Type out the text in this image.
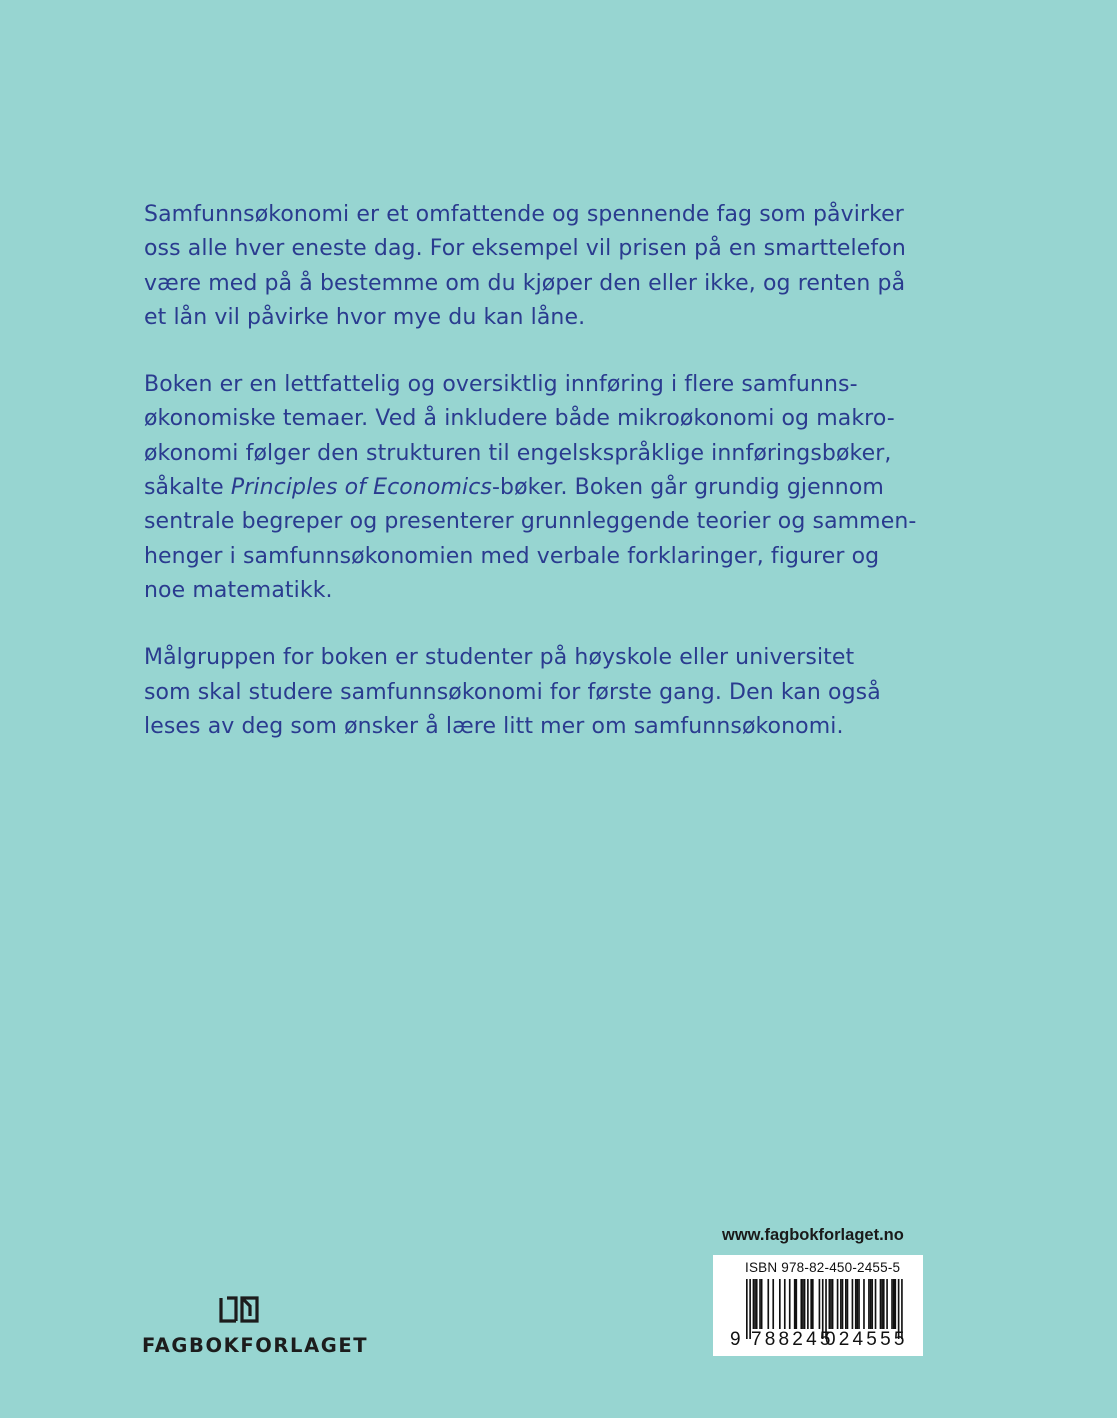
Samfunnsøkonomi er et omfattende og spennende fag som påvirker
oss alle hver eneste dag. For eksempel vil prisen på en smarttelefon
være med på å bestemme om du kjøper den eller ikke, og renten på
et lån vil påvirke hvor mye du kan låne.

Boken er en lettfattelig og oversiktlig innføring i flere samfunns-
økonomiske temaer. Ved å inkludere både mikroøkonomi og makro-
økonomi følger den strukturen til engelskspråklige innføringsbøker,
såkalte Principles of Economics-bøker. Boken går grundig gjennom
sentrale begreper og presenterer grunnleggende teorier og sammen-
henger i samfunnsøkonomien med verbale forklaringer, figurer og
noe matematikk.

Målgruppen for boken er studenter på høyskole eller universitet
som skal studere samfunnsøkonomi for første gang. Den kan også
leses av deg som ønsker å lære litt mer om samfunnsøkonomi.

www.fagbokforlaget.no
ISBN 978-82-450-2455-5
9 788245
024555
FAGBOKFORLAGET
